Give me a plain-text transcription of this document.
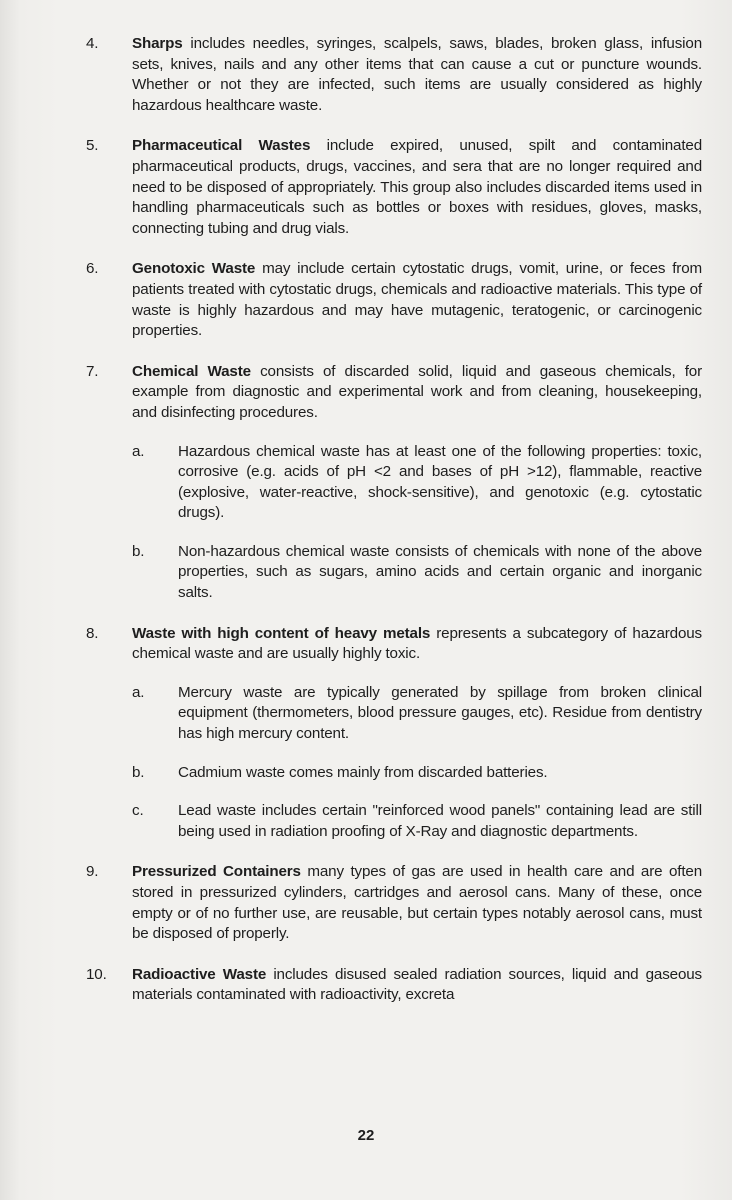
4.	Sharps includes needles, syringes, scalpels, saws, blades, broken glass, infusion sets, knives, nails and any other items that can cause a cut or puncture wounds. Whether or not they are infected, such items are usually considered as highly hazardous healthcare waste.
5.	Pharmaceutical Wastes include expired, unused, spilt and contaminated pharmaceutical products, drugs, vaccines, and sera that are no longer required and need to be disposed of appropriately. This group also includes discarded items used in handling pharmaceuticals such as bottles or boxes with residues, gloves, masks, connecting tubing and drug vials.
6.	Genotoxic Waste may include certain cytostatic drugs, vomit, urine, or feces from patients treated with cytostatic drugs, chemicals and radioactive materials. This type of waste is highly hazardous and may have mutagenic, teratogenic, or carcinogenic properties.
7.	Chemical Waste consists of discarded solid, liquid and gaseous chemicals, for example from diagnostic and experimental work and from cleaning, housekeeping, and disinfecting procedures.
a.	Hazardous chemical waste has at least one of the following properties: toxic, corrosive (e.g. acids of pH <2 and bases of pH >12), flammable, reactive (explosive, water-reactive, shock-sensitive), and genotoxic (e.g. cytostatic drugs).
b.	Non-hazardous chemical waste consists of chemicals with none of the above properties, such as sugars, amino acids and certain organic and inorganic salts.
8.	Waste with high content of heavy metals represents a subcategory of hazardous chemical waste and are usually highly toxic.
a.	Mercury waste are typically generated by spillage from broken clinical equipment (thermometers, blood pressure gauges, etc). Residue from dentistry has high mercury content.
b.	Cadmium waste comes mainly from discarded batteries.
c.	Lead waste includes certain "reinforced wood panels" containing lead are still being used in radiation proofing of X-Ray and diagnostic departments.
9.	Pressurized Containers many types of gas are used in health care and are often stored in pressurized cylinders, cartridges and aerosol cans. Many of these, once empty or of no further use, are reusable, but certain types notably aerosol cans, must be disposed of properly.
10.	Radioactive Waste includes disused sealed radiation sources, liquid and gaseous materials contaminated with radioactivity, excreta
22
